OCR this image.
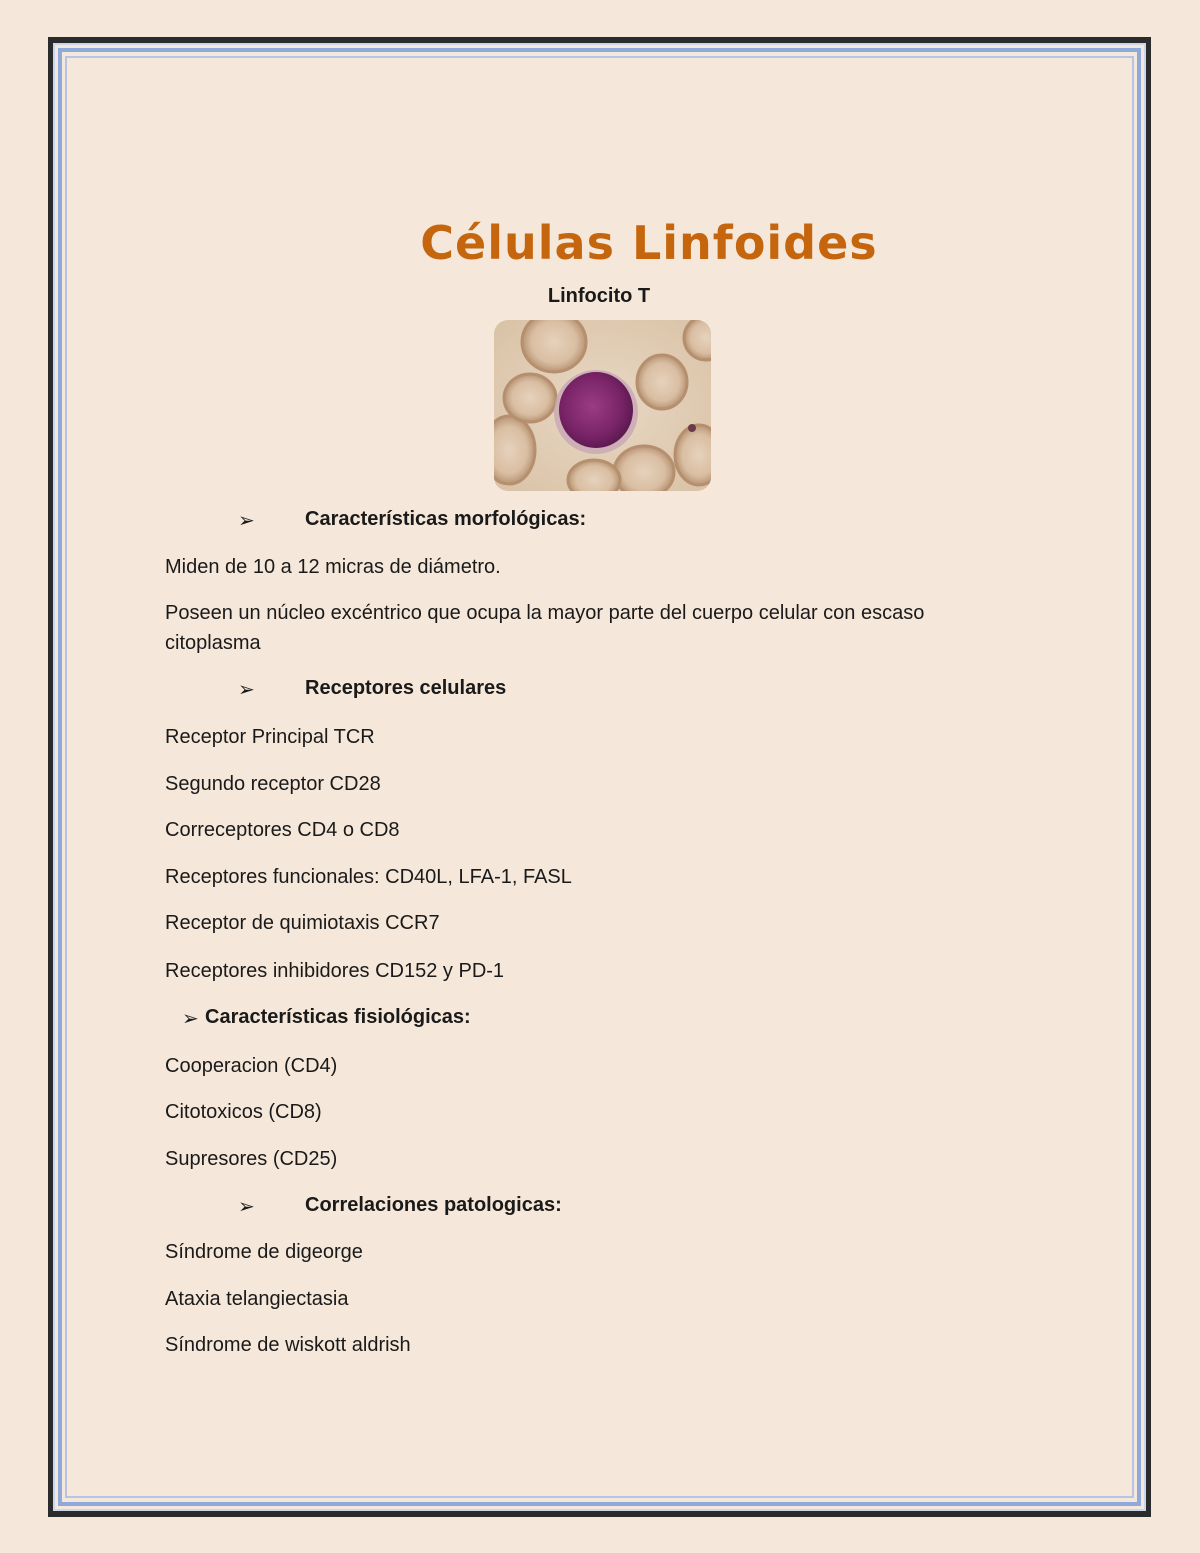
Células Linfoides
Linfocito T
➢	Características morfológicas:
Miden de 10 a 12 micras de diámetro.
Poseen un núcleo excéntrico que ocupa la mayor parte del cuerpo celular con escaso
citoplasma
➢	Receptores celulares
Receptor Principal TCR
Segundo receptor CD28
Correceptores CD4 o CD8
Receptores funcionales: CD40L, LFA-1, FASL
Receptor de quimiotaxis CCR7
Receptores inhibidores CD152 y PD-1
➢ Características fisiológicas:
Cooperacion (CD4)
Citotoxicos (CD8)
Supresores (CD25)
➢	Correlaciones patologicas:
Síndrome de digeorge
Ataxia telangiectasia
Síndrome de wiskott aldrish
